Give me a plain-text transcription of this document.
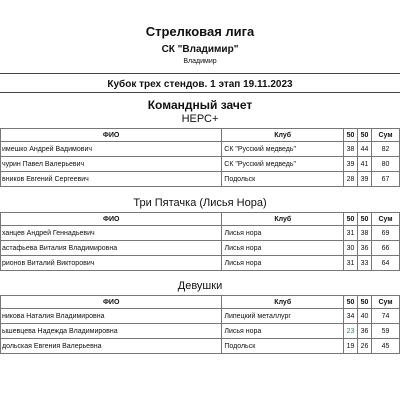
Стрелковая лига
СК "Владимир"
Владимир
Кубок трех стендов. 1 этап 19.11.2023
Командный зачет
НЕРС+
ФИО	Клуб	50	50	Сум
имешко Андрей Вадимович	СК "Русский медведь"	38	44	82
чурин Павел Валерьевич	СК "Русский медведь"	39	41	80
вников Евгений Сергеевич	Подольск	28	39	67
Три Пятачка (Лисья Нора)
ФИО	Клуб	50	50	Сум
ханцев Андрей Геннадьевич	Лисья нора	31	38	69
астафьева Виталия Владимировна	Лисья нора	30	36	66
рионов Виталий Викторович	Лисья нора	31	33	64
Девушки
ФИО	Клуб	50	50	Сум
никова Наталия Владимировна	Липецкий металлург	34	40	74
ышевцева Надежда Владимировна	Лисья нора	23	36	59
дольская Евгения Валерьевна	Подольск	19	26	45
